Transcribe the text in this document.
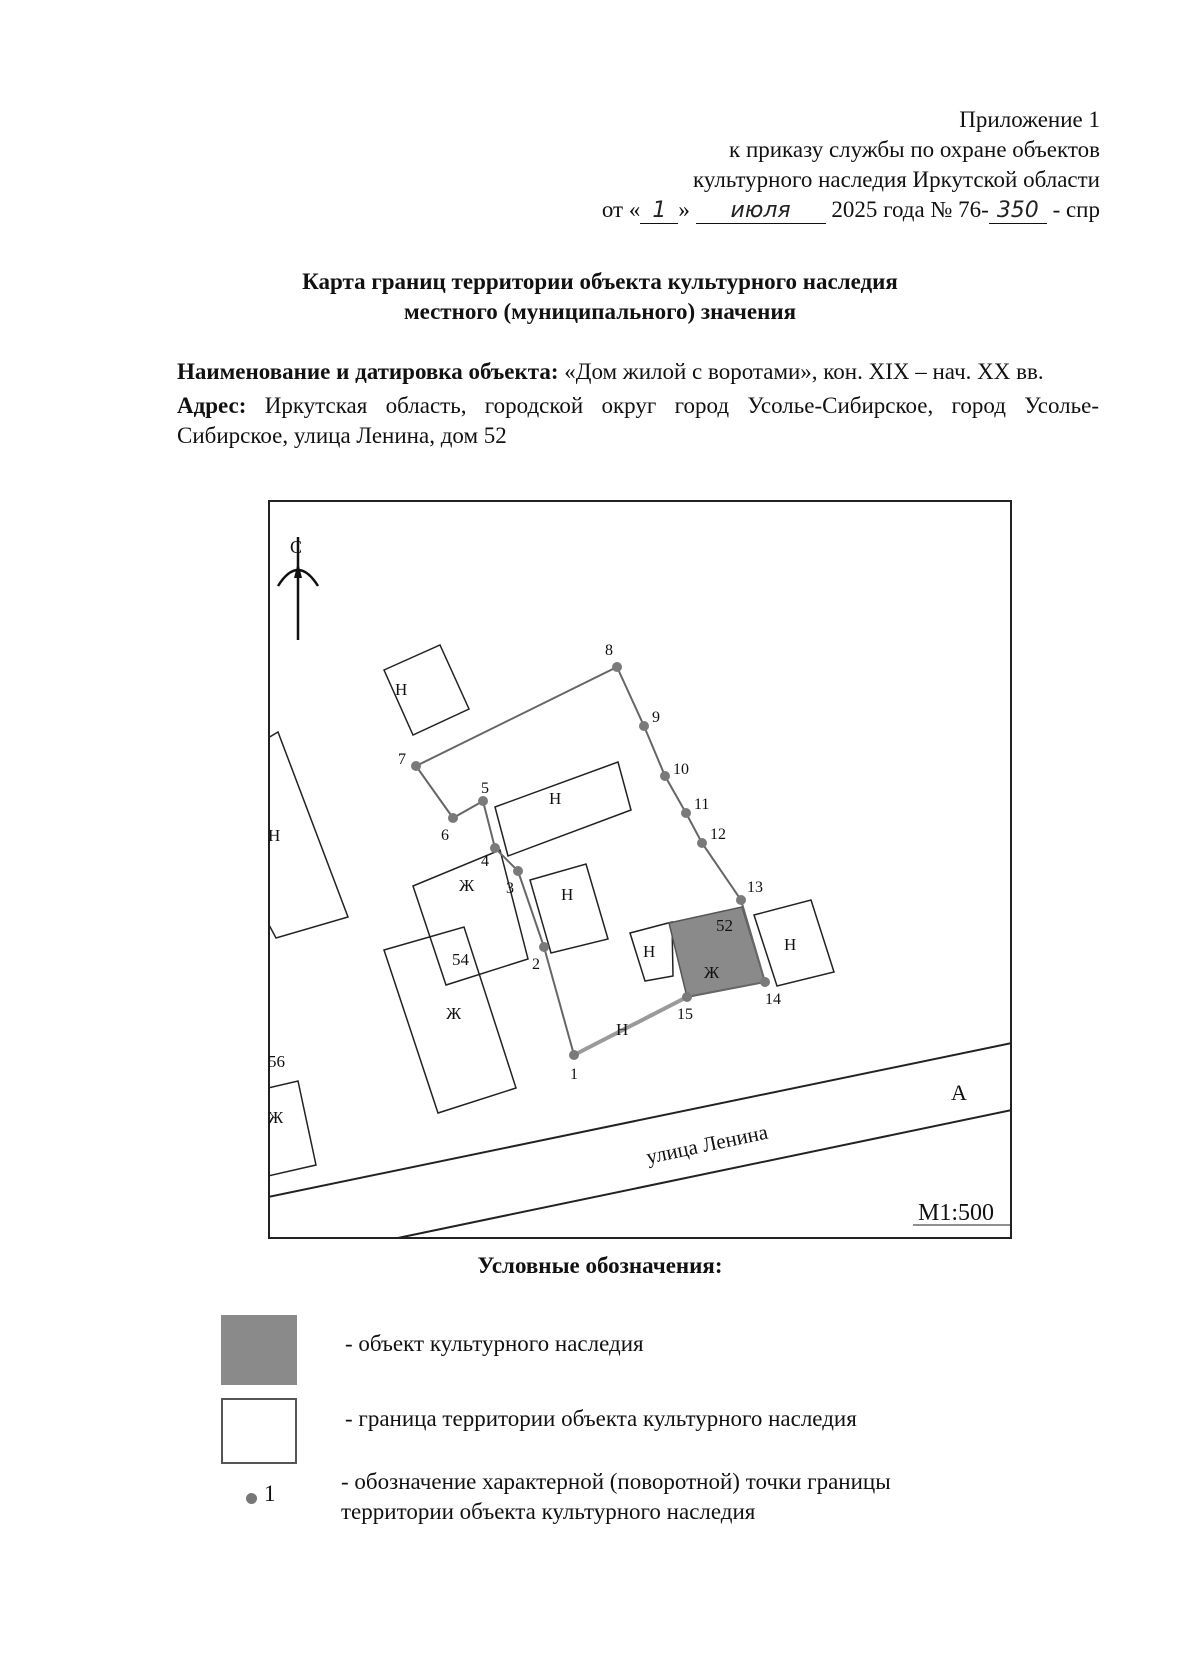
Приложение 1
к приказу службы по охране объектов
культурного наследия Иркутской области
от « 1 » июля 2025 года № 76- 350 - спр
Карта границ территории объекта культурного наследия
местного (муниципального) значения

Наименование и датировка объекта: «Дом жилой с воротами», кон. XIX – нач. XX вв.

Адрес: Иркутская область, городской округ город Усолье-Сибирское, город Усолье-Сибирское, улица Ленина, дом 52

улица Ленина
А
М1:500
С
Н
Н
Н
Ж	Н
54
Ж
Н
52
Ж
Н
Н
56
Ж
1
2
3
4
5
6
7
8
9
10
11
12
13
14
15
Условные обозначения:
- объект культурного наследия
- граница территории объекта культурного наследия
1	- обозначение характерной (поворотной) точки границы
территории объекта культурного наследия
